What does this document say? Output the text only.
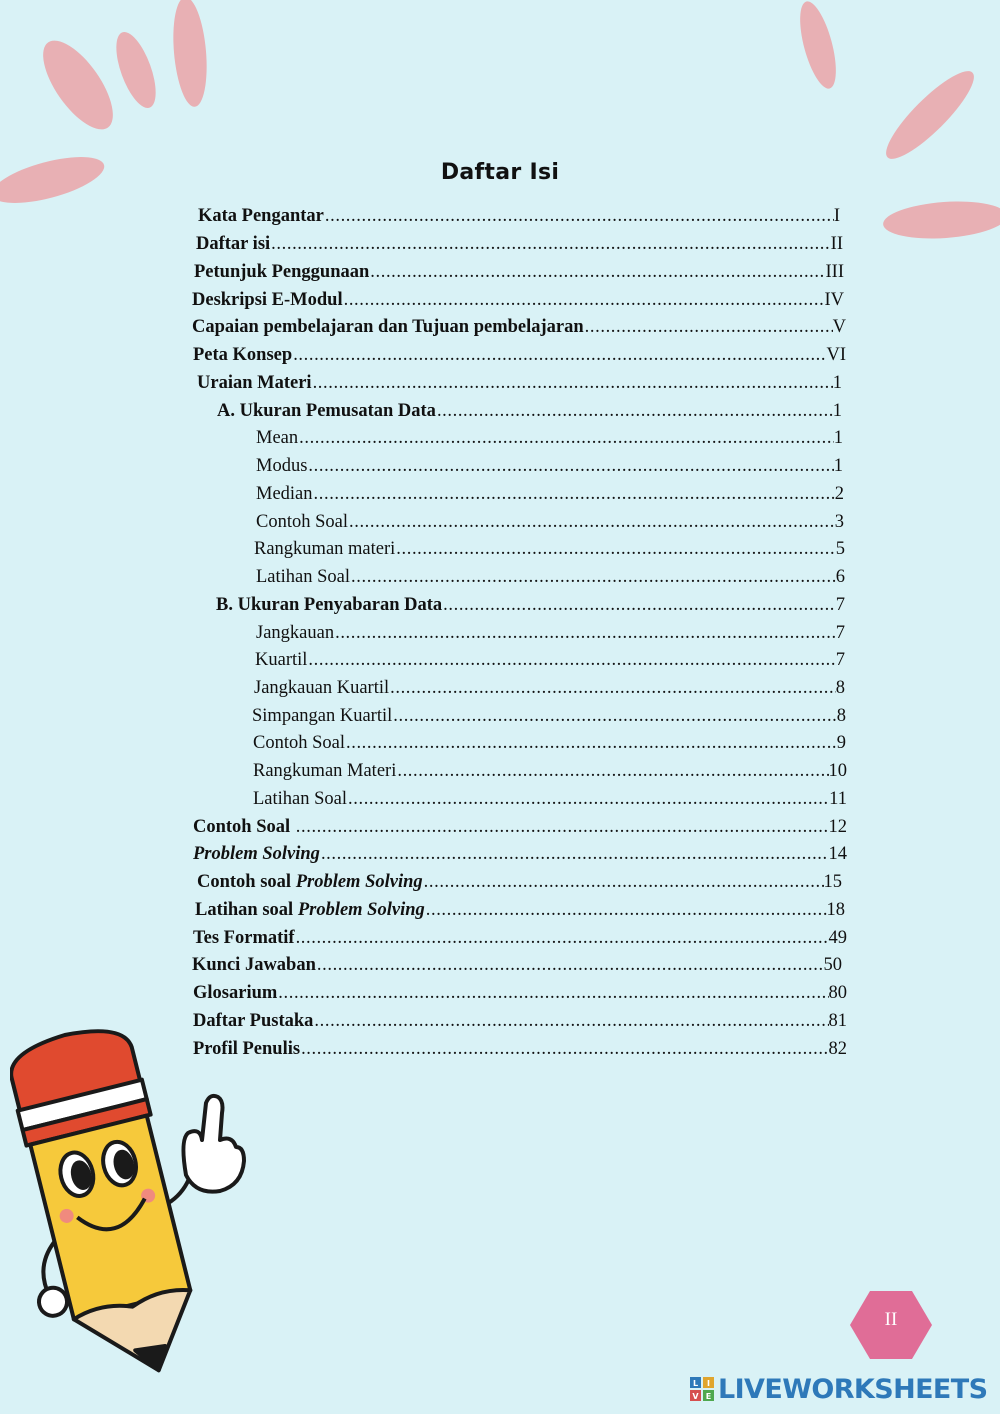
Daftar Isi
Kata Pengantar .....	I
Daftar isi .....	II
Petunjuk Penggunaan .....	III
Deskripsi E-Modul .....	IV
Capaian pembelajaran dan Tujuan pembelajaran .....	V
Peta Konsep .....	VI
Uraian Materi .....	1
A. Ukuran Pemusatan Data .....	1
Mean .....	1
Modus .....	1
Median .....	2
Contoh Soal .....	3
Rangkuman materi .....	5
Latihan Soal .....	6
B. Ukuran Penyabaran Data .....	7
Jangkauan .....	7
Kuartil .....	7
Jangkauan Kuartil .....	8
Simpangan Kuartil .....	8
Contoh Soal .....	9
Rangkuman Materi .....	10
Latihan Soal .....	11
Contoh Soal .....	12
Problem Solving .....	14
Contoh soal Problem Solving .....	15
Latihan soal Problem Solving .....	18
Tes Formatif .....	49
Kunci Jawaban .....	50
Glosarium .....	80
Daftar Pustaka .....	81
Profil Penulis .....	82
II
L I
V E LIVEWORKSHEETS
